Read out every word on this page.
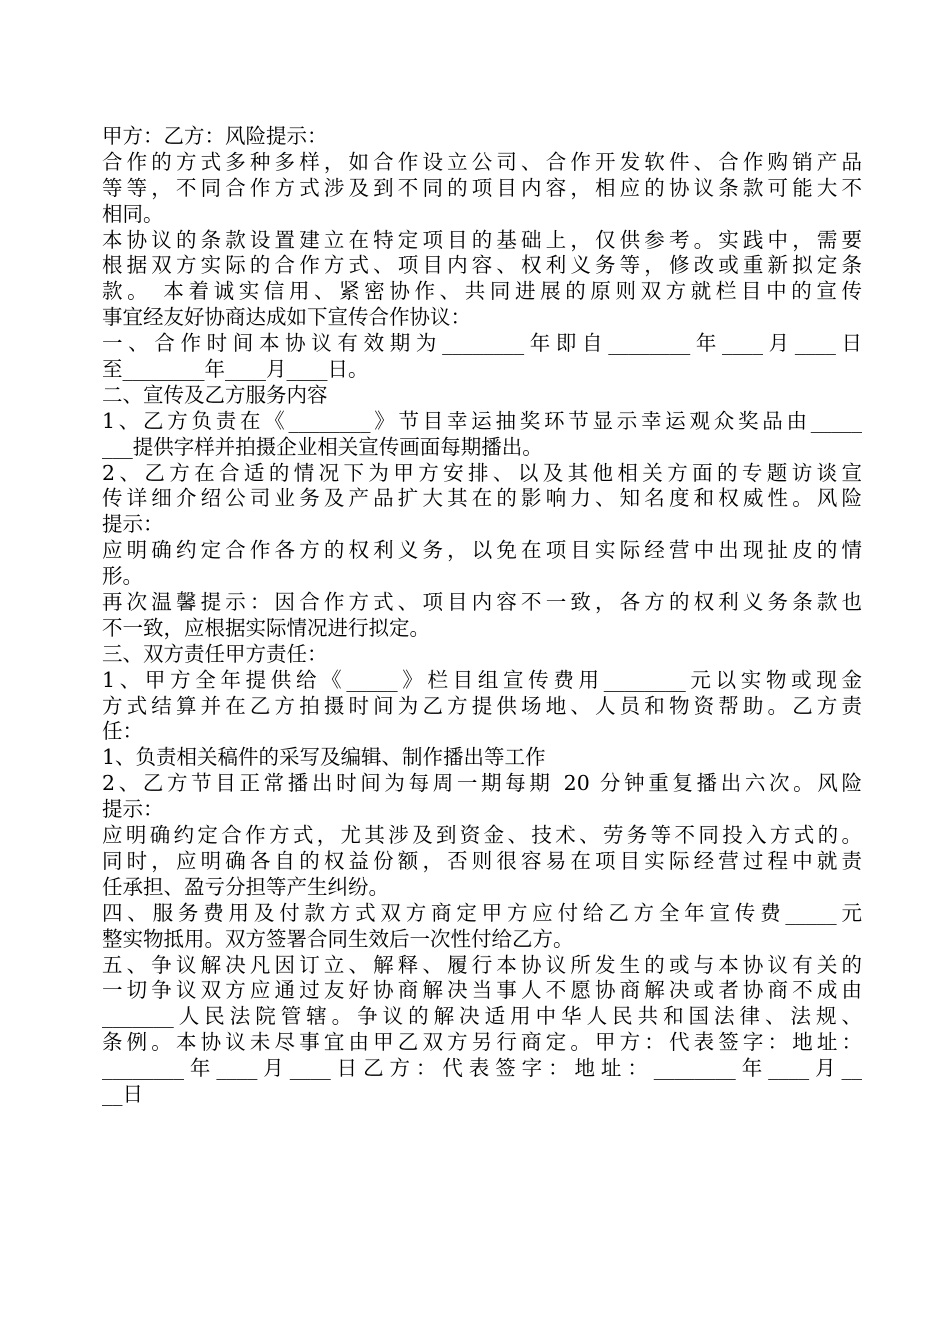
甲方：乙方：风险提示：
合作的方式多种多样，如合作设立公司、合作开发软件、合作购销产品
等等，不同合作方式涉及到不同的项目内容，相应的协议条款可能大不
相同。
本协议的条款设置建立在特定项目的基础上，仅供参考。实践中，需要
根据双方实际的合作方式、项目内容、权利义务等，修改或重新拟定条
款。 本着诚实信用、紧密协作、共同进展的原则双方就栏目中的宣传
事宜经友好协商达成如下宣传合作协议：
一、合作时间本协议有效期为________年即自________年____月____日
至________年____月____日。
二、宣传及乙方服务内容
1、乙方负责在《________》节目幸运抽奖环节显示幸运观众奖品由_____
___提供字样并拍摄企业相关宣传画面每期播出。
2、乙方在合适的情况下为甲方安排、以及其他相关方面的专题访谈宣
传详细介绍公司业务及产品扩大其在的影响力、知名度和权威性。风险
提示：
应明确约定合作各方的权利义务，以免在项目实际经营中出现扯皮的情
形。
再次温馨提示：因合作方式、项目内容不一致，各方的权利义务条款也
不一致，应根据实际情况进行拟定。
三、双方责任甲方责任：
1、甲方全年提供给《_____》栏目组宣传费用________元以实物或现金
方式结算并在乙方拍摄时间为乙方提供场地、人员和物资帮助。乙方责
任：
1、负责相关稿件的采写及编辑、制作播出等工作
2、乙方节目正常播出时间为每周一期每期 20 分钟重复播出六次。风险
提示：
应明确约定合作方式，尤其涉及到资金、技术、劳务等不同投入方式的。
同时，应明确各自的权益份额，否则很容易在项目实际经营过程中就责
任承担、盈亏分担等产生纠纷。
四、服务费用及付款方式双方商定甲方应付给乙方全年宣传费_____元
整实物抵用。双方签署合同生效后一次性付给乙方。
五、争议解决凡因订立、解释、履行本协议所发生的或与本协议有关的
一切争议双方应通过友好协商解决当事人不愿协商解决或者协商不成由
_______人民法院管辖。争议的解决适用中华人民共和国法律、法规、
条例。本协议未尽事宜由甲乙双方另行商定。甲方：代表签字：地址：
________年____月____日乙方：代表签字：地址：________年____月__
__日
